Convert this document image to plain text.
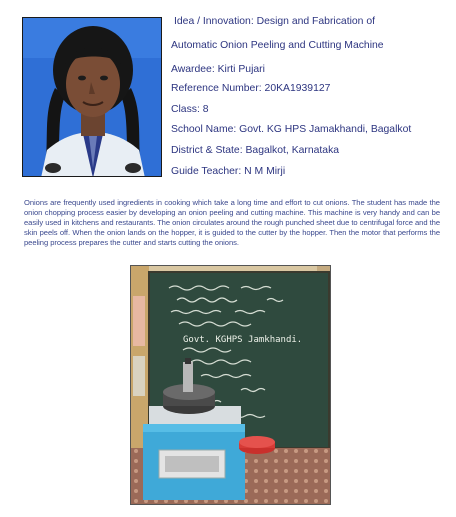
Idea / Innovation: Design and Fabrication of
Automatic Onion Peeling and Cutting Machine
Awardee: Kirti Pujari
Reference Number: 20KA1939127
Class: 8
School Name: Govt. KG HPS Jamakhandi, Bagalkot
District & State: Bagalkot, Karnataka
Guide Teacher: N M Mirji
Onions are frequently used ingredients in cooking which take a long time and effort to cut onions. The student has made the onion chopping process easier by developing an onion peeling and cutting machine. This machine is very handy and can be easily used in kitchens and restaurants. The onion circulates around the rough punched sheet due to centrifugal force and the skin peels off. When the onion lands on the hopper, it is guided to the cutter by the hopper. Then the motor that performs the peeling process prepares the cutter and starts cutting the onions.
Govt. KGHPS Jamkhandi.
